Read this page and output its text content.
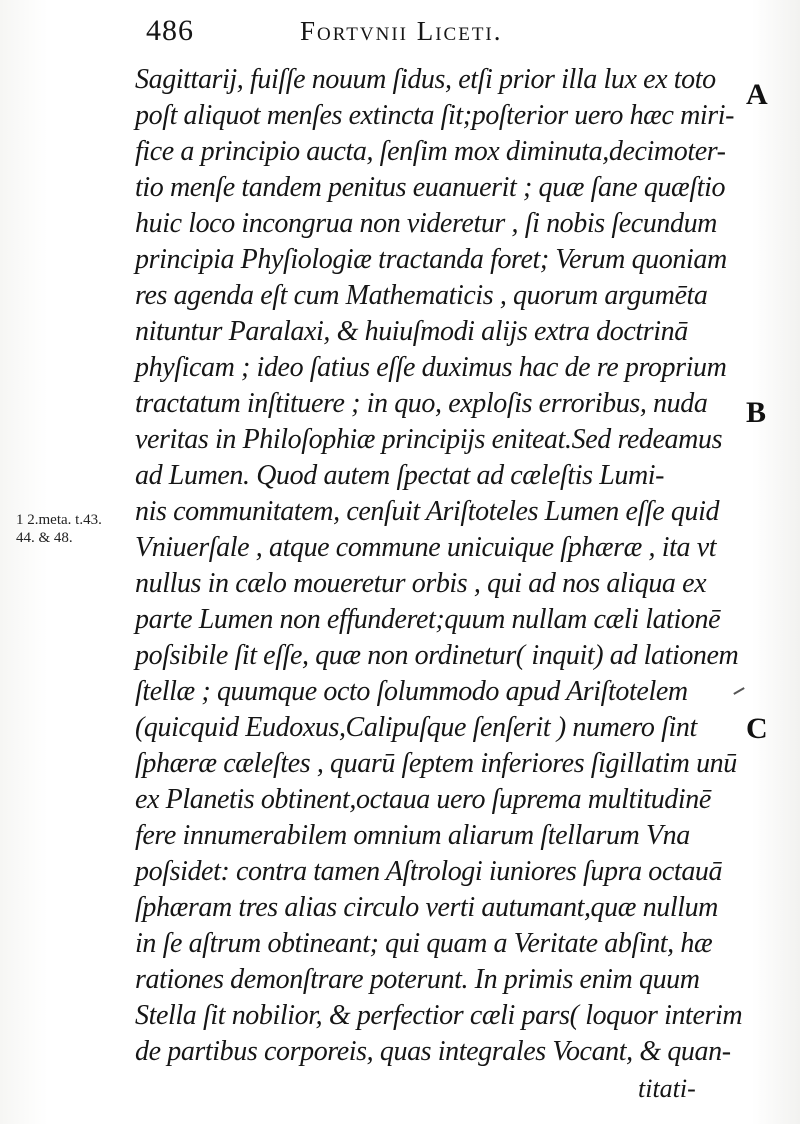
486	Fortvnii Liceti.
1 2.meta. t.43.
44. & 48.
A
B
C
Sagittarij, fuiſſe nouum ſidus, etſi prior illa lux ex toto
poſt aliquot menſes extincta ſit;poſterior uero hæc miri-
fice a principio aucta, ſenſim mox diminuta,decimoter-
tio menſe tandem penitus euanuerit ; quæ ſane quæſtio
huic loco incongrua non videretur , ſi nobis ſecundum
principia Phyſiologiæ tractanda foret; Verum quoniam
res agenda eſt cum Mathematicis , quorum argumēta
nituntur Paralaxi, & huiuſmodi alijs extra doctrinā
phyſicam ; ideo ſatius eſſe duximus hac de re proprium
tractatum inſtituere ; in quo, exploſis erroribus, nuda
veritas in Philoſophiæ principijs eniteat.Sed redeamus
ad Lumen. Quod autem ſpectat ad cæleſtis Lumi-
nis communitatem, cenſuit Ariſtoteles Lumen eſſe quid
Vniuerſale , atque commune unicuique ſphæræ , ita vt
nullus in cælo moueretur orbis , qui ad nos aliqua ex
parte Lumen non effunderet;quum nullam cæli lationē
poſsibile ſit eſſe, quæ non ordinetur( inquit) ad lationem
ſtellæ ; quumque octo ſolummodo apud Ariſtotelem
(quicquid Eudoxus,Calipuſque ſenſerit ) numero ſint
ſphæræ cæleſtes , quarū ſeptem inferiores ſigillatim unū
ex Planetis obtinent,octaua uero ſuprema multitudinē
fere innumerabilem omnium aliarum ſtellarum Vna
poſsidet: contra tamen Aſtrologi iuniores ſupra octauā
ſphæram tres alias circulo verti autumant,quæ nullum
in ſe aſtrum obtineant; qui quam a Veritate abſint, hæ
rationes demonſtrare poterunt. In primis enim quum
Stella ſit nobilior, & perfectior cæli pars( loquor interim
de partibus corporeis, quas integrales Vocant, & quan-
titati-
